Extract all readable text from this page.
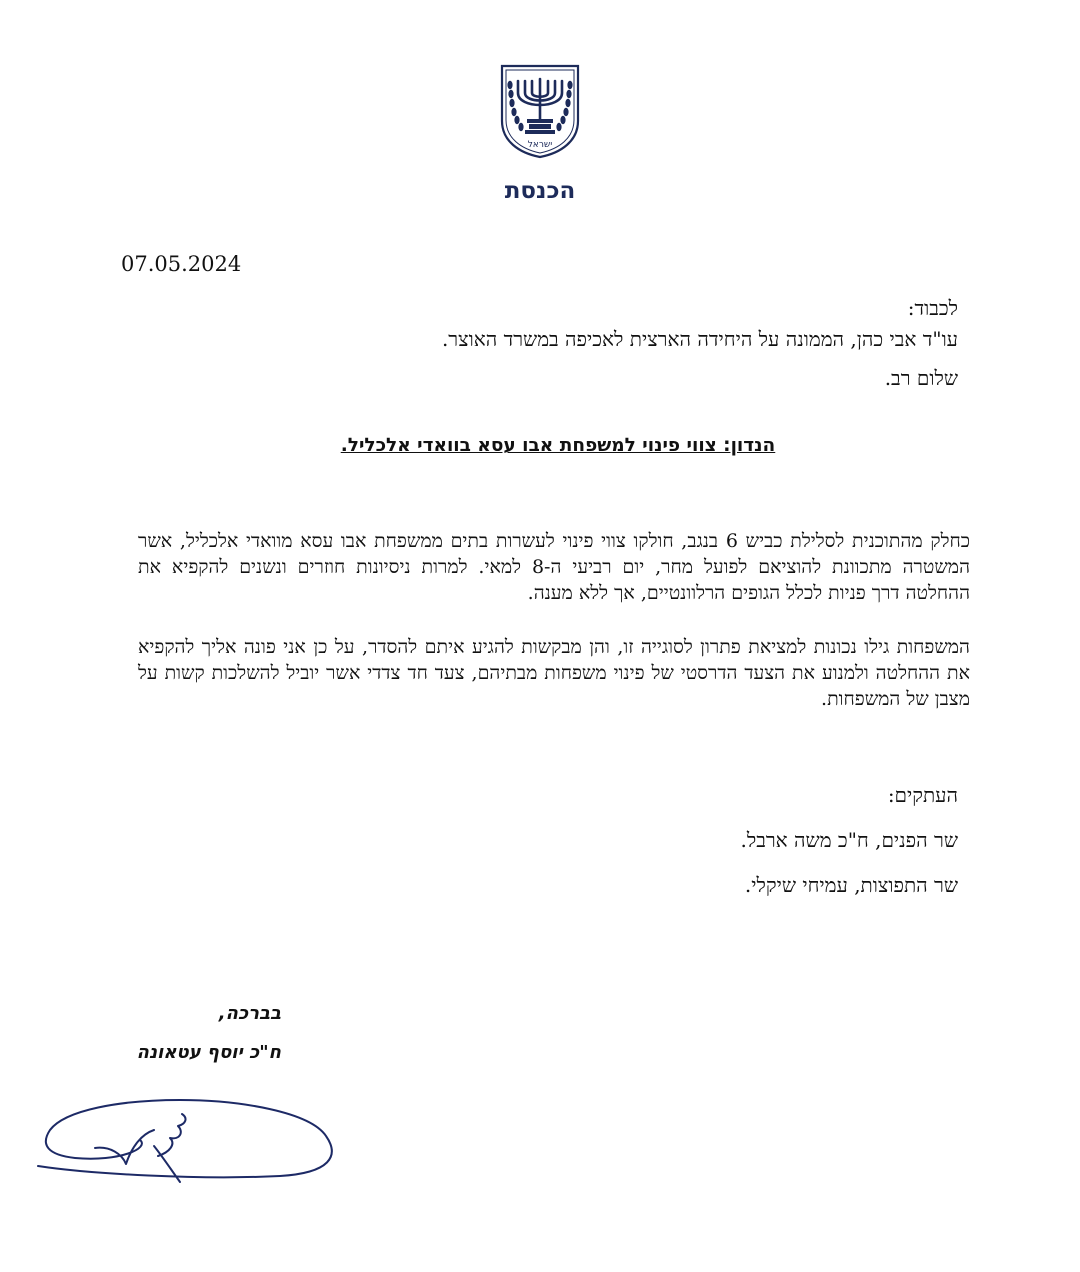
ישראל
הכנסת
07.05.2024
לכבוד:
עו"ד אבי כהן, הממונה על היחידה הארצית לאכיפה במשרד האוצר.
שלום רב.
הנדון: צווי פינוי למשפחת אבו עסא בוואדי אלכליל.
כחלק מהתוכנית לסלילת כביש 6 בנגב, חולקו צווי פינוי לעשרות בתים ממשפחת אבו עסא מוואדי אלכליל, אשר המשטרה מתכוונת להוציאם לפועל מחר, יום רביעי ה-8 למאי. למרות ניסיונות חוזרים ונשנים להקפיא את ההחלטה דרך פניות לכלל הגופים הרלוונטיים, אך ללא מענה.
המשפחות גילו נכונות למציאת פתרון לסוגייה זו, והן מבקשות להגיע איתם להסדר, על כן אני פונה אליך להקפיא את ההחלטה ולמנוע את הצעד הדרסטי של פינוי משפחות מבתיהם, צעד חד צדדי אשר יוביל להשלכות קשות על מצבן של המשפחות.
העתקים:
שר הפנים, ח"כ משה ארבל.
שר התפוצות, עמיחי שיקלי.
בברכה,
ח"כ יוסף עטאונה
